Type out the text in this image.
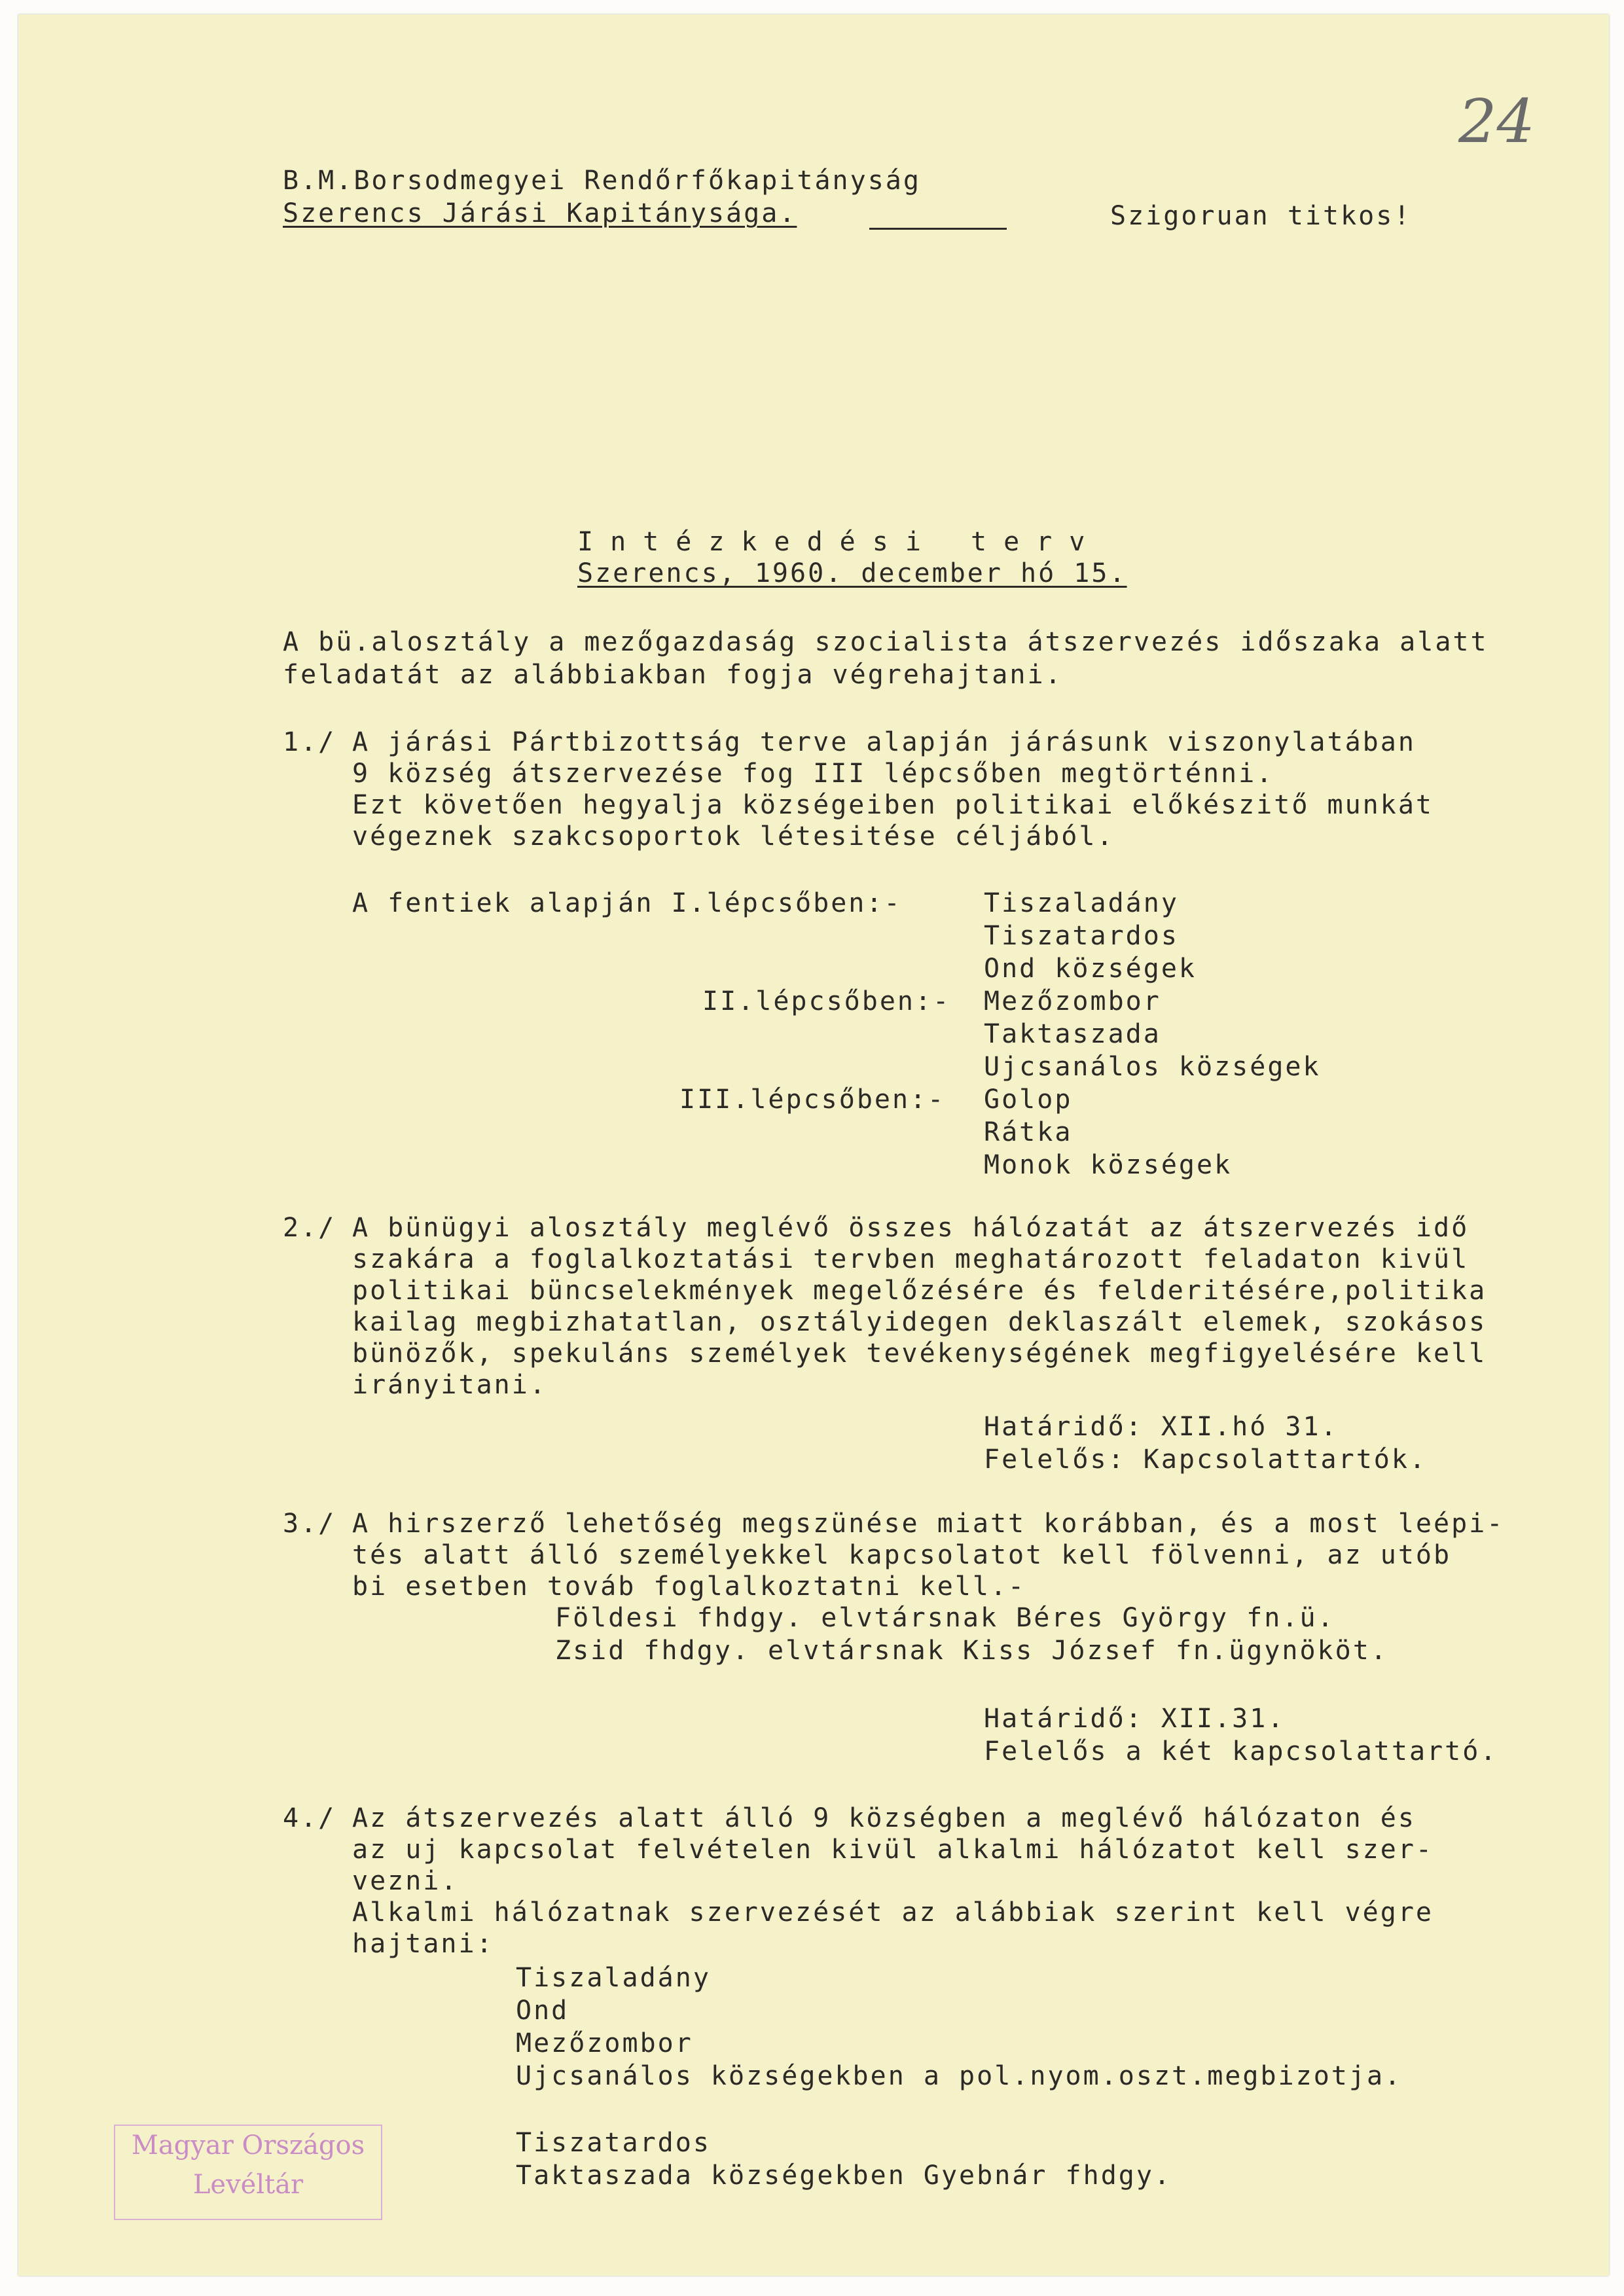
24
B.M.Borsodmegyei Rendőrfőkapitányság
Szerencs Járási Kapitánysága.	Szigoruan titkos!
Intézkedési terv
Szerencs, 1960. december hó 15.
A bü.alosztály a mezőgazdaság szocialista átszervezés időszaka alatt
feladatát az alábbiakban fogja végrehajtani.
1./ A járási Pártbizottság terve alapján járásunk viszonylatában
9 község átszervezése fog III lépcsőben megtörténni.
Ezt követően hegyalja községeiben politikai előkészitő munkát
végeznek szakcsoportok létesitése céljából.
A fentiek alapján I.lépcsőben:-	Tiszaladány
Tiszatardos
Ond községek
II.lépcsőben:- Mezőzombor
Taktaszada
Ujcsanálos községek
III.lépcsőben:- Golop
Rátka
Monok községek
2./ A bünügyi alosztály meglévő összes hálózatát az átszervezés idő
szakára a foglalkoztatási tervben meghatározott feladaton kivül
politikai büncselekmények megelőzésére és felderitésére,politika
kailag megbizhatatlan, osztályidegen deklaszált elemek, szokásos
bünözők, spekuláns személyek tevékenységének megfigyelésére kell
irányitani.
Határidő: XII.hó 31.
Felelős: Kapcsolattartók.
3./ A hirszerző lehetőség megszünése miatt korábban, és a most leépi-
tés alatt álló személyekkel kapcsolatot kell fölvenni, az utób
bi esetben továb foglalkoztatni kell.-
Földesi fhdgy. elvtársnak Béres György fn.ü.
Zsid fhdgy. elvtársnak Kiss József fn.ügynököt.
Határidő: XII.31.
Felelős a két kapcsolattartó.
4./ Az átszervezés alatt álló 9 községben a meglévő hálózaton és
az uj kapcsolat felvételen kivül alkalmi hálózatot kell szer-
vezni.
Alkalmi hálózatnak szervezését az alábbiak szerint kell végre
hajtani:
Tiszaladány
Ond
Mezőzombor
Ujcsanálos községekben a pol.nyom.oszt.megbizotja.
Tiszatardos
Taktaszada községekben Gyebnár fhdgy.
Magyar Országos
Levéltár
